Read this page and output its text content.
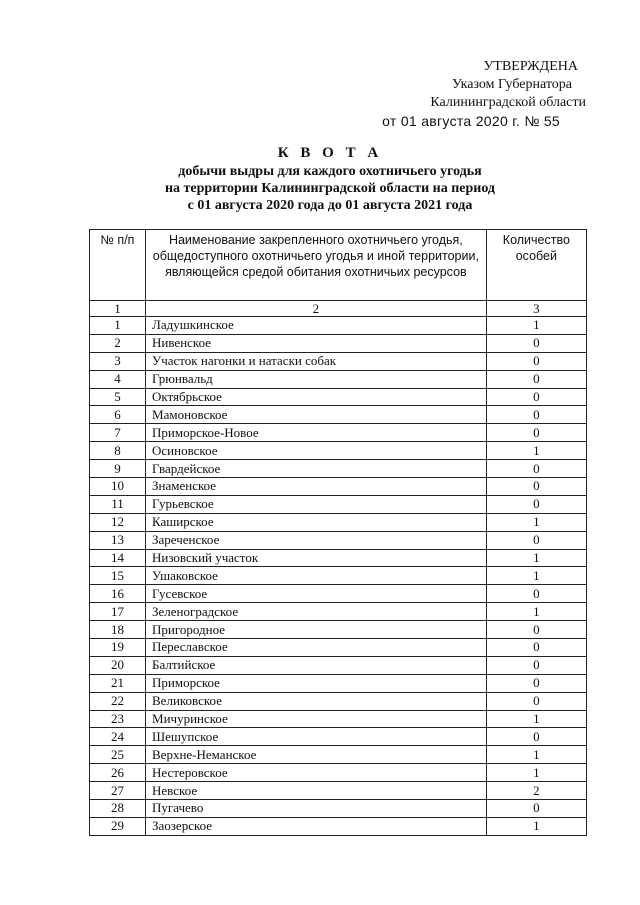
УТВЕРЖДЕНА
Указом Губернатора
Калининградской области
от 01 августа 2020 г. № 55
К В О Т А
добычи выдры для каждого охотничьего угодья
на территории Калининградской области на период
с 01 августа 2020 года до 01 августа 2021 года
№ п/п	Наименование закрепленного охотничьего угодья, общедоступного охотничьего угодья и иной территории, являющейся средой обитания охотничьих ресурсов	Количество особей
1	2	3
1	Ладушкинское	1
2	Нивенское	0
3	Участок нагонки и натаски собак	0
4	Грюнвальд	0
5	Октябрьское	0
6	Мамоновское	0
7	Приморское-Новое	0
8	Осиновское	1
9	Гвардейское	0
10	Знаменское	0
11	Гурьевское	0
12	Каширское	1
13	Зареченское	0
14	Низовский участок	1
15	Ушаковское	1
16	Гусевское	0
17	Зеленоградское	1
18	Пригородное	0
19	Переславское	0
20	Балтийское	0
21	Приморское	0
22	Великовское	0
23	Мичуринское	1
24	Шешупское	0
25	Верхне-Неманское	1
26	Нестеровское	1
27	Невское	2
28	Пугачево	0
29	Заозерское	1
